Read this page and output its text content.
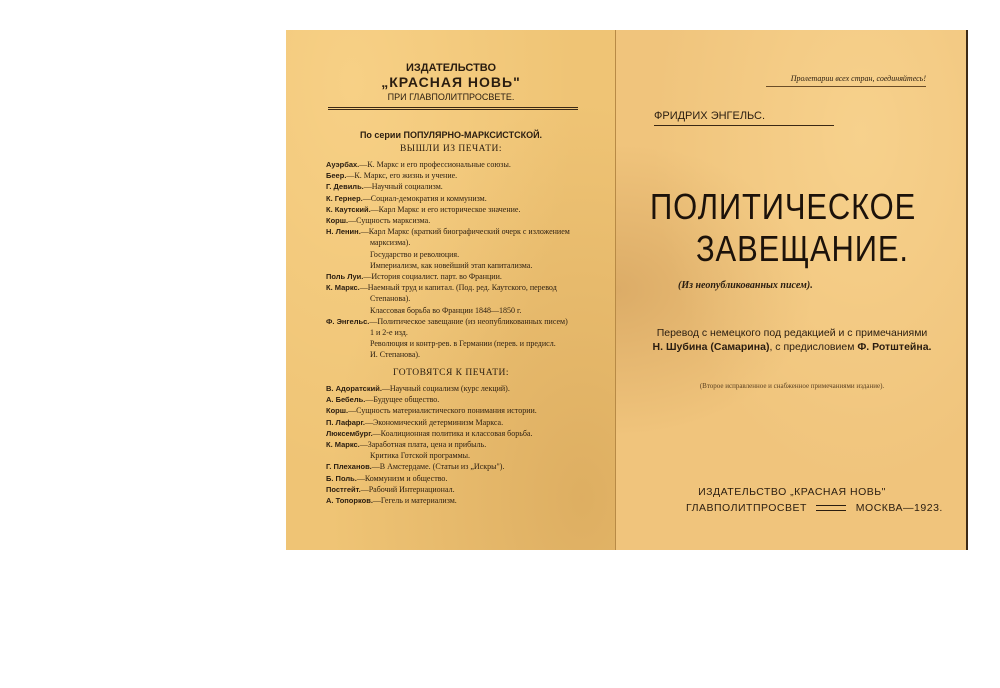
ИЗДАТЕЛЬСТВО
„КРАСНАЯ НОВЬ"
ПРИ ГЛАВПОЛИТПРОСВЕТЕ.
По серии ПОПУЛЯРНО-МАРКСИСТСКОЙ.
ВЫШЛИ ИЗ ПЕЧАТИ:
Ауэрбах.—К. Маркс и его профессиональные союзы.
Беер.—К. Маркс, его жизнь и учение.
Г. Девиль.—Научный социализм.
К. Гернер.—Социал-демократия и коммунизм.
К. Каутский.—Карл Маркс и его историческое значение.
Корш.—Сущность марксизма.
Н. Ленин.—Карл Маркс (краткий биографический очерк с изложением
марксизма).
Государство и революция.
Империализм, как новейший этап капитализма.
Поль Луи.—История социалист. парт. во Франции.
К. Маркс.—Наемный труд и капитал. (Под. ред. Каутского, перевод
Степанова).
Классовая борьба во Франции 1848—1850 г.
Ф. Энгельс.—Политическое завещание (из неопубликованных писем)
1 и 2-е изд.
Революция и контр-рев. в Германии (перев. и предисл.
И. Степанова).
ГОТОВЯТСЯ К ПЕЧАТИ:
В. Адоратский.—Научный социализм (курс лекций).
А. Бебель.—Будущее общество.
Корш.—Сущность материалистического понимания истории.
П. Лафарг.—Экономический детерминизм Маркса.
Люксембург.—Коалиционная политика и классовая борьба.
К. Маркс.—Заработная плата, цена и прибыль.
Критика Готской программы.
Г. Плеханов.—В Амстердаме. (Статьи из „Искры").
Б. Поль.—Коммунизм и общество.
Постгейт.—Рабочий Интернационал.
А. Топорков.—Гегель и материализм.
Пролетарии всех стран, соединяйтесь!
ФРИДРИХ ЭНГЕЛЬС.
ПОЛИТИЧЕСКОЕ
ЗАВЕЩАНИЕ.
(Из неопубликованных писем).
Перевод с немецкого под редакцией и с примечаниями
Н. Шубина (Самарина), с предисловием Ф. Ротштейна.
(Второе исправленное и снабженное примечаниями издание).
ИЗДАТЕЛЬСТВО „КРАСНАЯ НОВЬ"
ГЛАВПОЛИТПРОСВЕТ	МОСКВА—1923.
